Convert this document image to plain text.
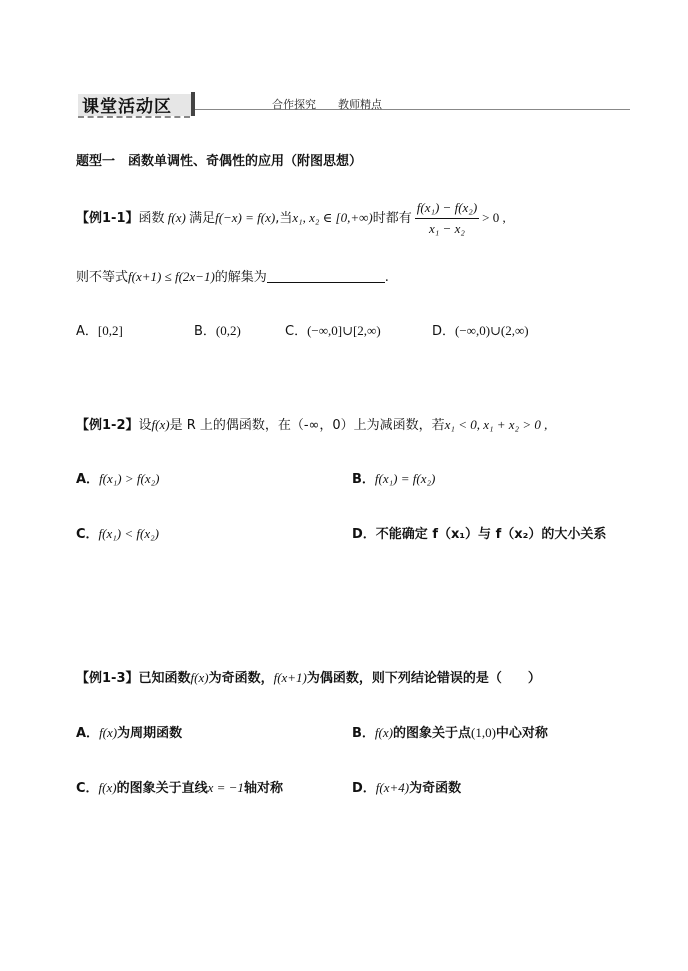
课堂活动区	合作探究 教师精点
题型一　函数单调性、奇偶性的应用（附图思想）
【例1-1】函数 f(x) 满足f(−x) = f(x),当x₁, x₂ ∈ [0,+∞)时都有 $\frac{\text{f(x₁) − f(x₂)}}{\text{x₁ − x₂}} > 0$ ,
则不等式f(x+1) ≤ f(2x−1)的解集为	.
A．[0,2]	B．(0,2)	C．(−∞,0]∪[2,∞)	D．(−∞,0)∪(2,∞)
【例1-2】设f(x)是 R 上的偶函数，在（-∞，0）上为减函数，若x₁ < 0, x₁ + x₂ > 0 ,
A．f(x₁) > f(x₂)	B．f(x₁) = f(x₂)
C．f(x₁) < f(x₂)	D．不能确定 f（x₁）与 f（x₂）的大小关系
【例1-3】已知函数f(x)为奇函数，f(x+1)为偶函数，则下列结论错误的是（　　）
A．f(x)为周期函数	B．f(x)的图象关于点(1,0)中心对称
C．f(x)的图象关于直线x = −1轴对称	D．f(x+4)为奇函数
